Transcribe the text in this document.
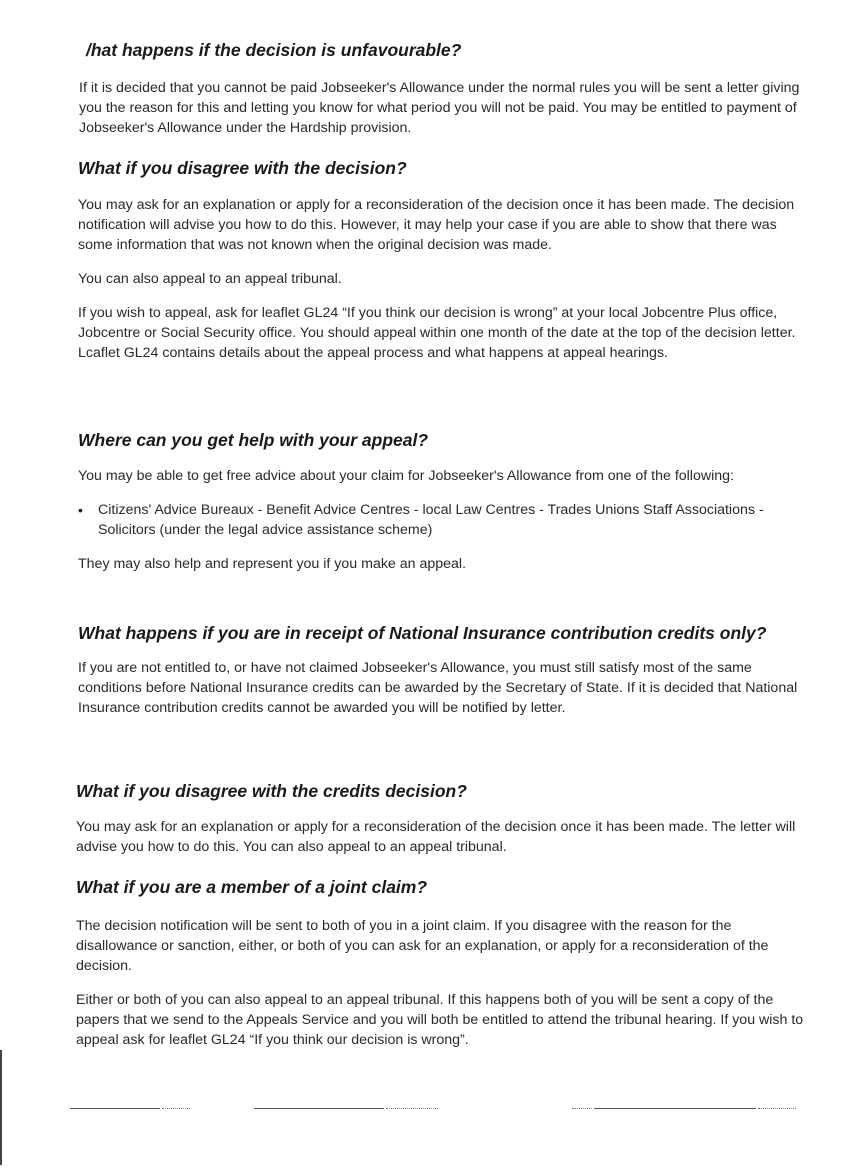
/hat happens if the decision is unfavourable?

If it is decided that you cannot be paid Jobseeker's Allowance under the normal rules you will be sent a letter giving you the reason for this and letting you know for what period you will not be paid. You may be entitled to payment of Jobseeker's Allowance under the Hardship provision.

What if you disagree with the decision?

You may ask for an explanation or apply for a reconsideration of the decision once it has been made. The decision notification will advise you how to do this. However, it may help your case if you are able to show that there was some information that was not known when the original decision was made.

You can also appeal to an appeal tribunal.

If you wish to appeal, ask for leaflet GL24 “If you think our decision is wrong” at your local Jobcentre Plus office, Jobcentre or Social Security office. You should appeal within one month of the date at the top of the decision letter. Lcaflet GL24 contains details about the appeal process and what happens at appeal hearings.

Where can you get help with your appeal?

You may be able to get free advice about your claim for Jobseeker's Allowance from one of the following:

•	Citizens' Advice Bureaux - Benefit Advice Centres - local Law Centres - Trades Unions Staff Associations - Solicitors (under the legal advice assistance scheme)

They may also help and represent you if you make an appeal.

What happens if you are in receipt of National Insurance contribution credits only?

If you are not entitled to, or have not claimed Jobseeker's Allowance, you must still satisfy most of the same conditions before National Insurance credits can be awarded by the Secretary of State. If it is decided that National Insurance contribution credits cannot be awarded you will be notified by letter.

What if you disagree with the credits decision?

You may ask for an explanation or apply for a reconsideration of the decision once it has been made. The letter will advise you how to do this. You can also appeal to an appeal tribunal.

What if you are a member of a joint claim?

The decision notification will be sent to both of you in a joint claim. If you disagree with the reason for the disallowance or sanction, either, or both of you can ask for an explanation, or apply for a reconsideration of the decision.

Either or both of you can also appeal to an appeal tribunal. If this happens both of you will be sent a copy of the papers that we send to the Appeals Service and you will both be entitled to attend the tribunal hearing. If you wish to appeal ask for leaflet GL24 “If you think our decision is wrong”.
